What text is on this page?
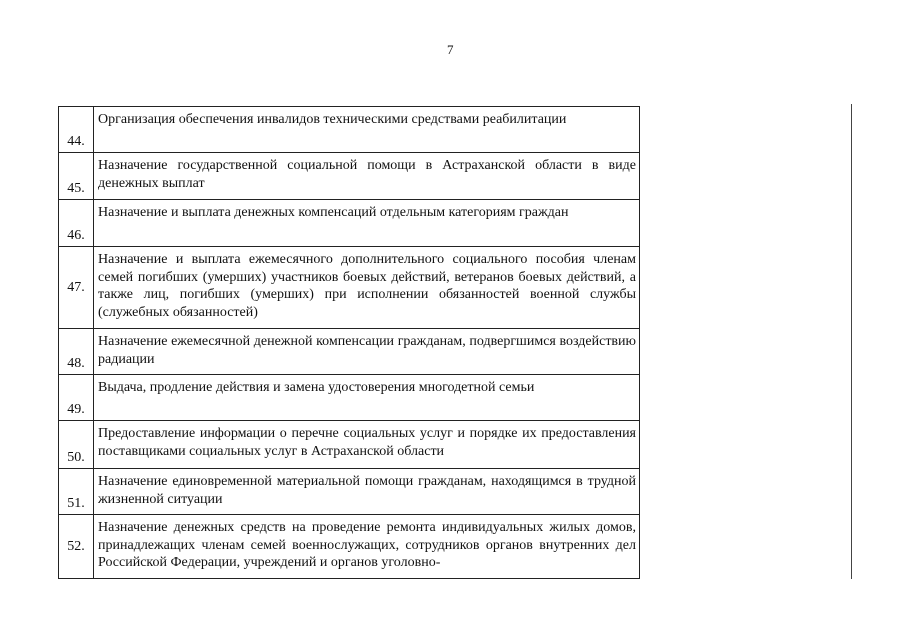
7
44.	Организация обеспечения инвалидов техническими средствами реабилитации
45.	Назначение государственной социальной помощи в Астраханской области в виде денежных выплат
46.	Назначение и выплата денежных компенсаций отдельным категориям граждан
47.	Назначение и выплата ежемесячного дополнительного социального пособия членам семей погибших (умерших) участников боевых действий, ветеранов боевых действий, а также лиц, погибших (умерших) при исполнении обязанностей военной службы (служебных обязанностей)
48.	Назначение ежемесячной денежной компенсации гражданам, подвергшимся воздействию радиации
49.	Выдача, продление действия и замена удостоверения многодетной семьи
50.	Предоставление информации о перечне социальных услуг и порядке их предоставления поставщиками социальных услуг в Астраханской области
51.	Назначение единовременной материальной помощи гражданам, находящимся в трудной жизненной ситуации
52.	Назначение денежных средств на проведение ремонта индивидуальных жилых домов, принадлежащих членам семей военнослужащих, сотрудников органов внутренних дел Российской Федерации, учреждений и органов уголовно-
